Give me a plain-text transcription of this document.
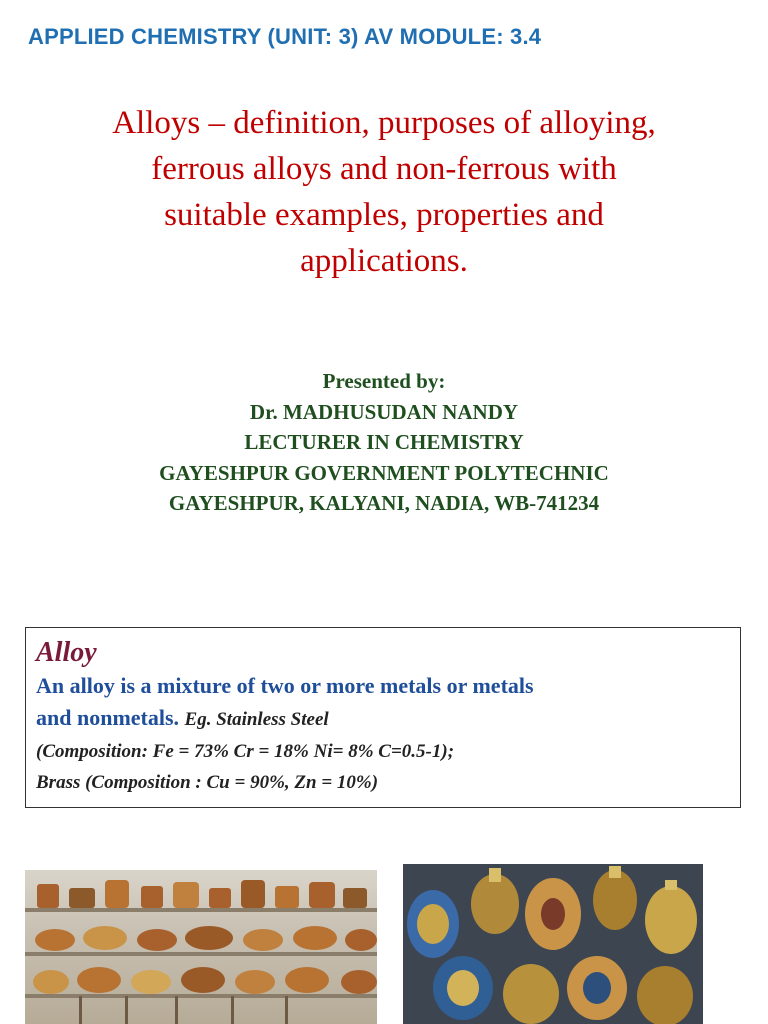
APPLIED CHEMISTRY (UNIT: 3) AV MODULE: 3.4
Alloys – definition, purposes of alloying,
ferrous alloys and non-ferrous with
suitable examples, properties and
applications.
Presented by:
Dr. MADHUSUDAN NANDY
LECTURER IN CHEMISTRY
GAYESHPUR GOVERNMENT POLYTECHNIC
GAYESHPUR, KALYANI, NADIA, WB-741234
Alloy
An alloy is a mixture of two or more metals or metals
and nonmetals. Eg. Stainless Steel
(Composition: Fe = 73% Cr = 18% Ni= 8% C=0.5-1);
Brass (Composition : Cu = 90%, Zn = 10%)
